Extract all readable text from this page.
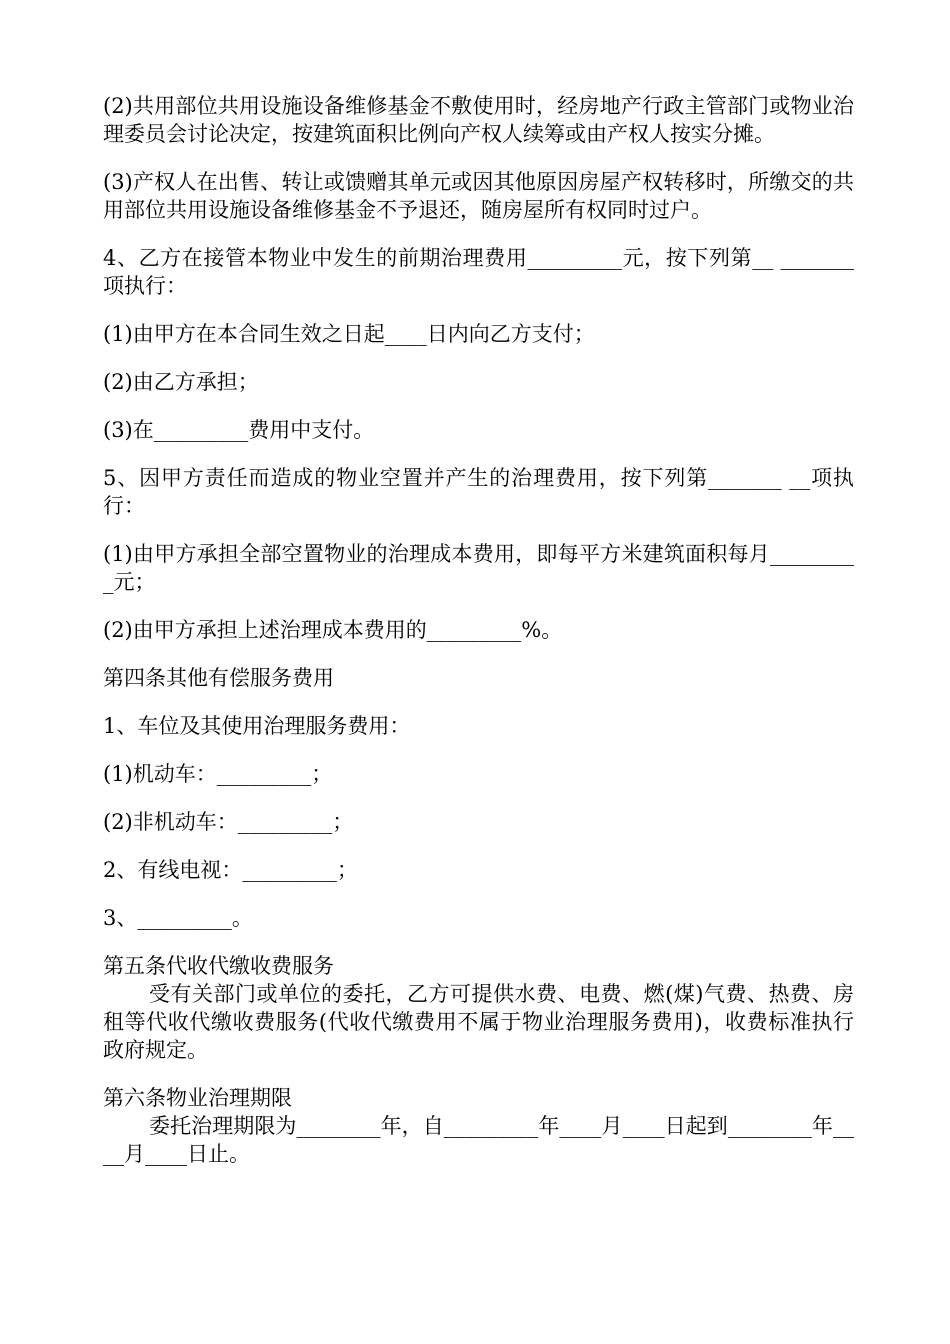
(2)共用部位共用设施设备维修基金不敷使用时，经房地产行政主管部门或物业治理委员会讨论决定，按建筑面积比例向产权人续筹或由产权人按实分摊。

(3)产权人在出售、转让或馈赠其单元或因其他原因房屋产权转移时，所缴交的共用部位共用设施设备维修基金不予退还，随房屋所有权同时过户。

4、乙方在接管本物业中发生的前期治理费用_________元，按下列第__ _______项执行：

(1)由甲方在本合同生效之日起____日内向乙方支付；

(2)由乙方承担；

(3)在_________费用中支付。

5、因甲方责任而造成的物业空置并产生的治理费用，按下列第_______ __项执行：

(1)由甲方承担全部空置物业的治理成本费用，即每平方米建筑面积每月_________元；

(2)由甲方承担上述治理成本费用的_________%。

第四条其他有偿服务费用

1、车位及其使用治理服务费用：

(1)机动车：_________；

(2)非机动车：_________；

2、有线电视：_________；

3、_________。

第五条代收代缴收费服务

受有关部门或单位的委托，乙方可提供水费、电费、燃(煤)气费、热费、房租等代收代缴收费服务(代收代缴费用不属于物业治理服务费用)，收费标准执行政府规定。

第六条物业治理期限

委托治理期限为________年，自_________年____月____日起到________年____月____日止。
